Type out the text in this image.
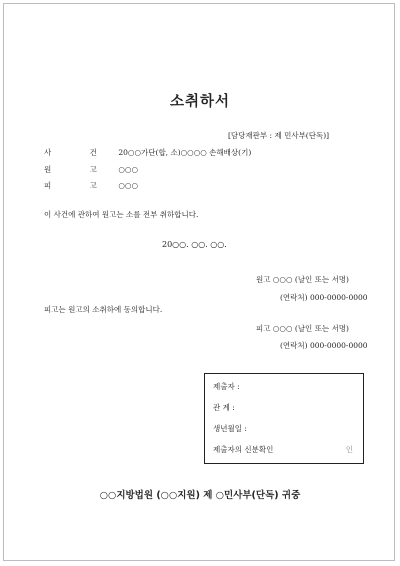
소취하서
[담당재판부 : 제 민사부(단독)]
사 건 20○○가단(합, 소)○○○○ 손해배상(기)
원 고 ○○○
피 고 ○○○
이 사건에 관하여 원고는 소를 전부 취하합니다.
20○○. ○○. ○○.
원고 ○○○ (날인 또는 서명)
(연락처) 000-0000-0000
피고는 원고의 소취하에 동의합니다.
피고 ○○○ (날인 또는 서명)
(연락처) 000-0000-0000
제출자 :
관 계 :
생년월일 :
제출자의 신분확인	인
○○지방법원 (○○지원) 제 ○민사부(단독) 귀중
